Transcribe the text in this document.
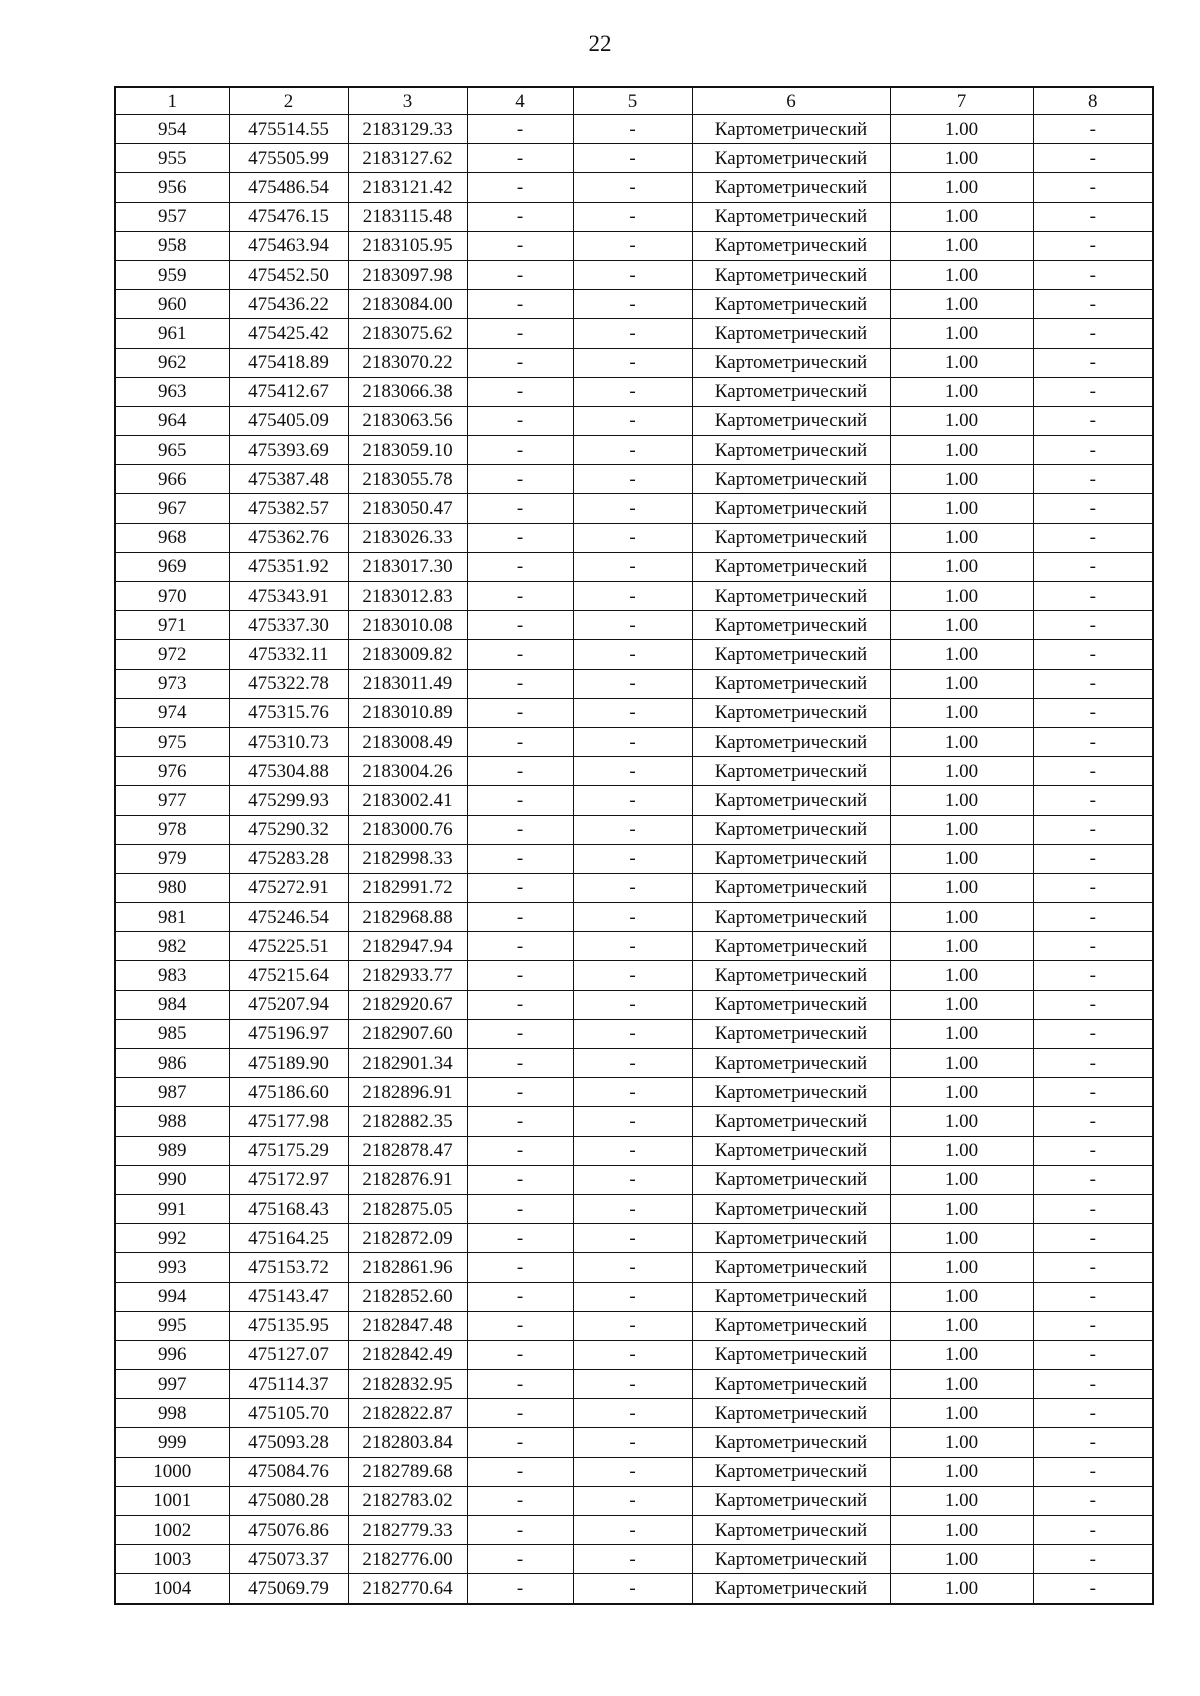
22
1	2	3	4	5	6	7	8
954	475514.55	2183129.33	-	-	Картометрический	1.00	-
955	475505.99	2183127.62	-	-	Картометрический	1.00	-
956	475486.54	2183121.42	-	-	Картометрический	1.00	-
957	475476.15	2183115.48	-	-	Картометрический	1.00	-
958	475463.94	2183105.95	-	-	Картометрический	1.00	-
959	475452.50	2183097.98	-	-	Картометрический	1.00	-
960	475436.22	2183084.00	-	-	Картометрический	1.00	-
961	475425.42	2183075.62	-	-	Картометрический	1.00	-
962	475418.89	2183070.22	-	-	Картометрический	1.00	-
963	475412.67	2183066.38	-	-	Картометрический	1.00	-
964	475405.09	2183063.56	-	-	Картометрический	1.00	-
965	475393.69	2183059.10	-	-	Картометрический	1.00	-
966	475387.48	2183055.78	-	-	Картометрический	1.00	-
967	475382.57	2183050.47	-	-	Картометрический	1.00	-
968	475362.76	2183026.33	-	-	Картометрический	1.00	-
969	475351.92	2183017.30	-	-	Картометрический	1.00	-
970	475343.91	2183012.83	-	-	Картометрический	1.00	-
971	475337.30	2183010.08	-	-	Картометрический	1.00	-
972	475332.11	2183009.82	-	-	Картометрический	1.00	-
973	475322.78	2183011.49	-	-	Картометрический	1.00	-
974	475315.76	2183010.89	-	-	Картометрический	1.00	-
975	475310.73	2183008.49	-	-	Картометрический	1.00	-
976	475304.88	2183004.26	-	-	Картометрический	1.00	-
977	475299.93	2183002.41	-	-	Картометрический	1.00	-
978	475290.32	2183000.76	-	-	Картометрический	1.00	-
979	475283.28	2182998.33	-	-	Картометрический	1.00	-
980	475272.91	2182991.72	-	-	Картометрический	1.00	-
981	475246.54	2182968.88	-	-	Картометрический	1.00	-
982	475225.51	2182947.94	-	-	Картометрический	1.00	-
983	475215.64	2182933.77	-	-	Картометрический	1.00	-
984	475207.94	2182920.67	-	-	Картометрический	1.00	-
985	475196.97	2182907.60	-	-	Картометрический	1.00	-
986	475189.90	2182901.34	-	-	Картометрический	1.00	-
987	475186.60	2182896.91	-	-	Картометрический	1.00	-
988	475177.98	2182882.35	-	-	Картометрический	1.00	-
989	475175.29	2182878.47	-	-	Картометрический	1.00	-
990	475172.97	2182876.91	-	-	Картометрический	1.00	-
991	475168.43	2182875.05	-	-	Картометрический	1.00	-
992	475164.25	2182872.09	-	-	Картометрический	1.00	-
993	475153.72	2182861.96	-	-	Картометрический	1.00	-
994	475143.47	2182852.60	-	-	Картометрический	1.00	-
995	475135.95	2182847.48	-	-	Картометрический	1.00	-
996	475127.07	2182842.49	-	-	Картометрический	1.00	-
997	475114.37	2182832.95	-	-	Картометрический	1.00	-
998	475105.70	2182822.87	-	-	Картометрический	1.00	-
999	475093.28	2182803.84	-	-	Картометрический	1.00	-
1000	475084.76	2182789.68	-	-	Картометрический	1.00	-
1001	475080.28	2182783.02	-	-	Картометрический	1.00	-
1002	475076.86	2182779.33	-	-	Картометрический	1.00	-
1003	475073.37	2182776.00	-	-	Картометрический	1.00	-
1004	475069.79	2182770.64	-	-	Картометрический	1.00	-
